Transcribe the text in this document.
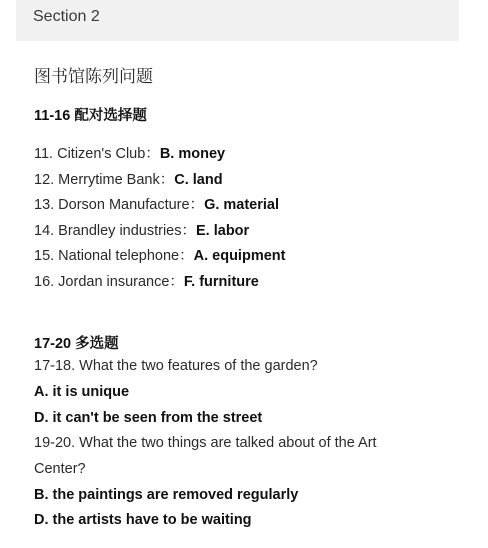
Section 2
图书馆陈列问题
11-16 配对选择题
11. Citizen's Club：B. money
12. Merrytime Bank：C. land
13. Dorson Manufacture：G. material
14. Brandley industries：E. labor
15. National telephone：A. equipment
16. Jordan insurance：F. furniture
17-20 多选题
17-18. What the two features of the garden?
A. it is unique
D. it can't be seen from the street
19-20. What the two things are talked about of the Art
Center?
B. the paintings are removed regularly
D. the artists have to be waiting
